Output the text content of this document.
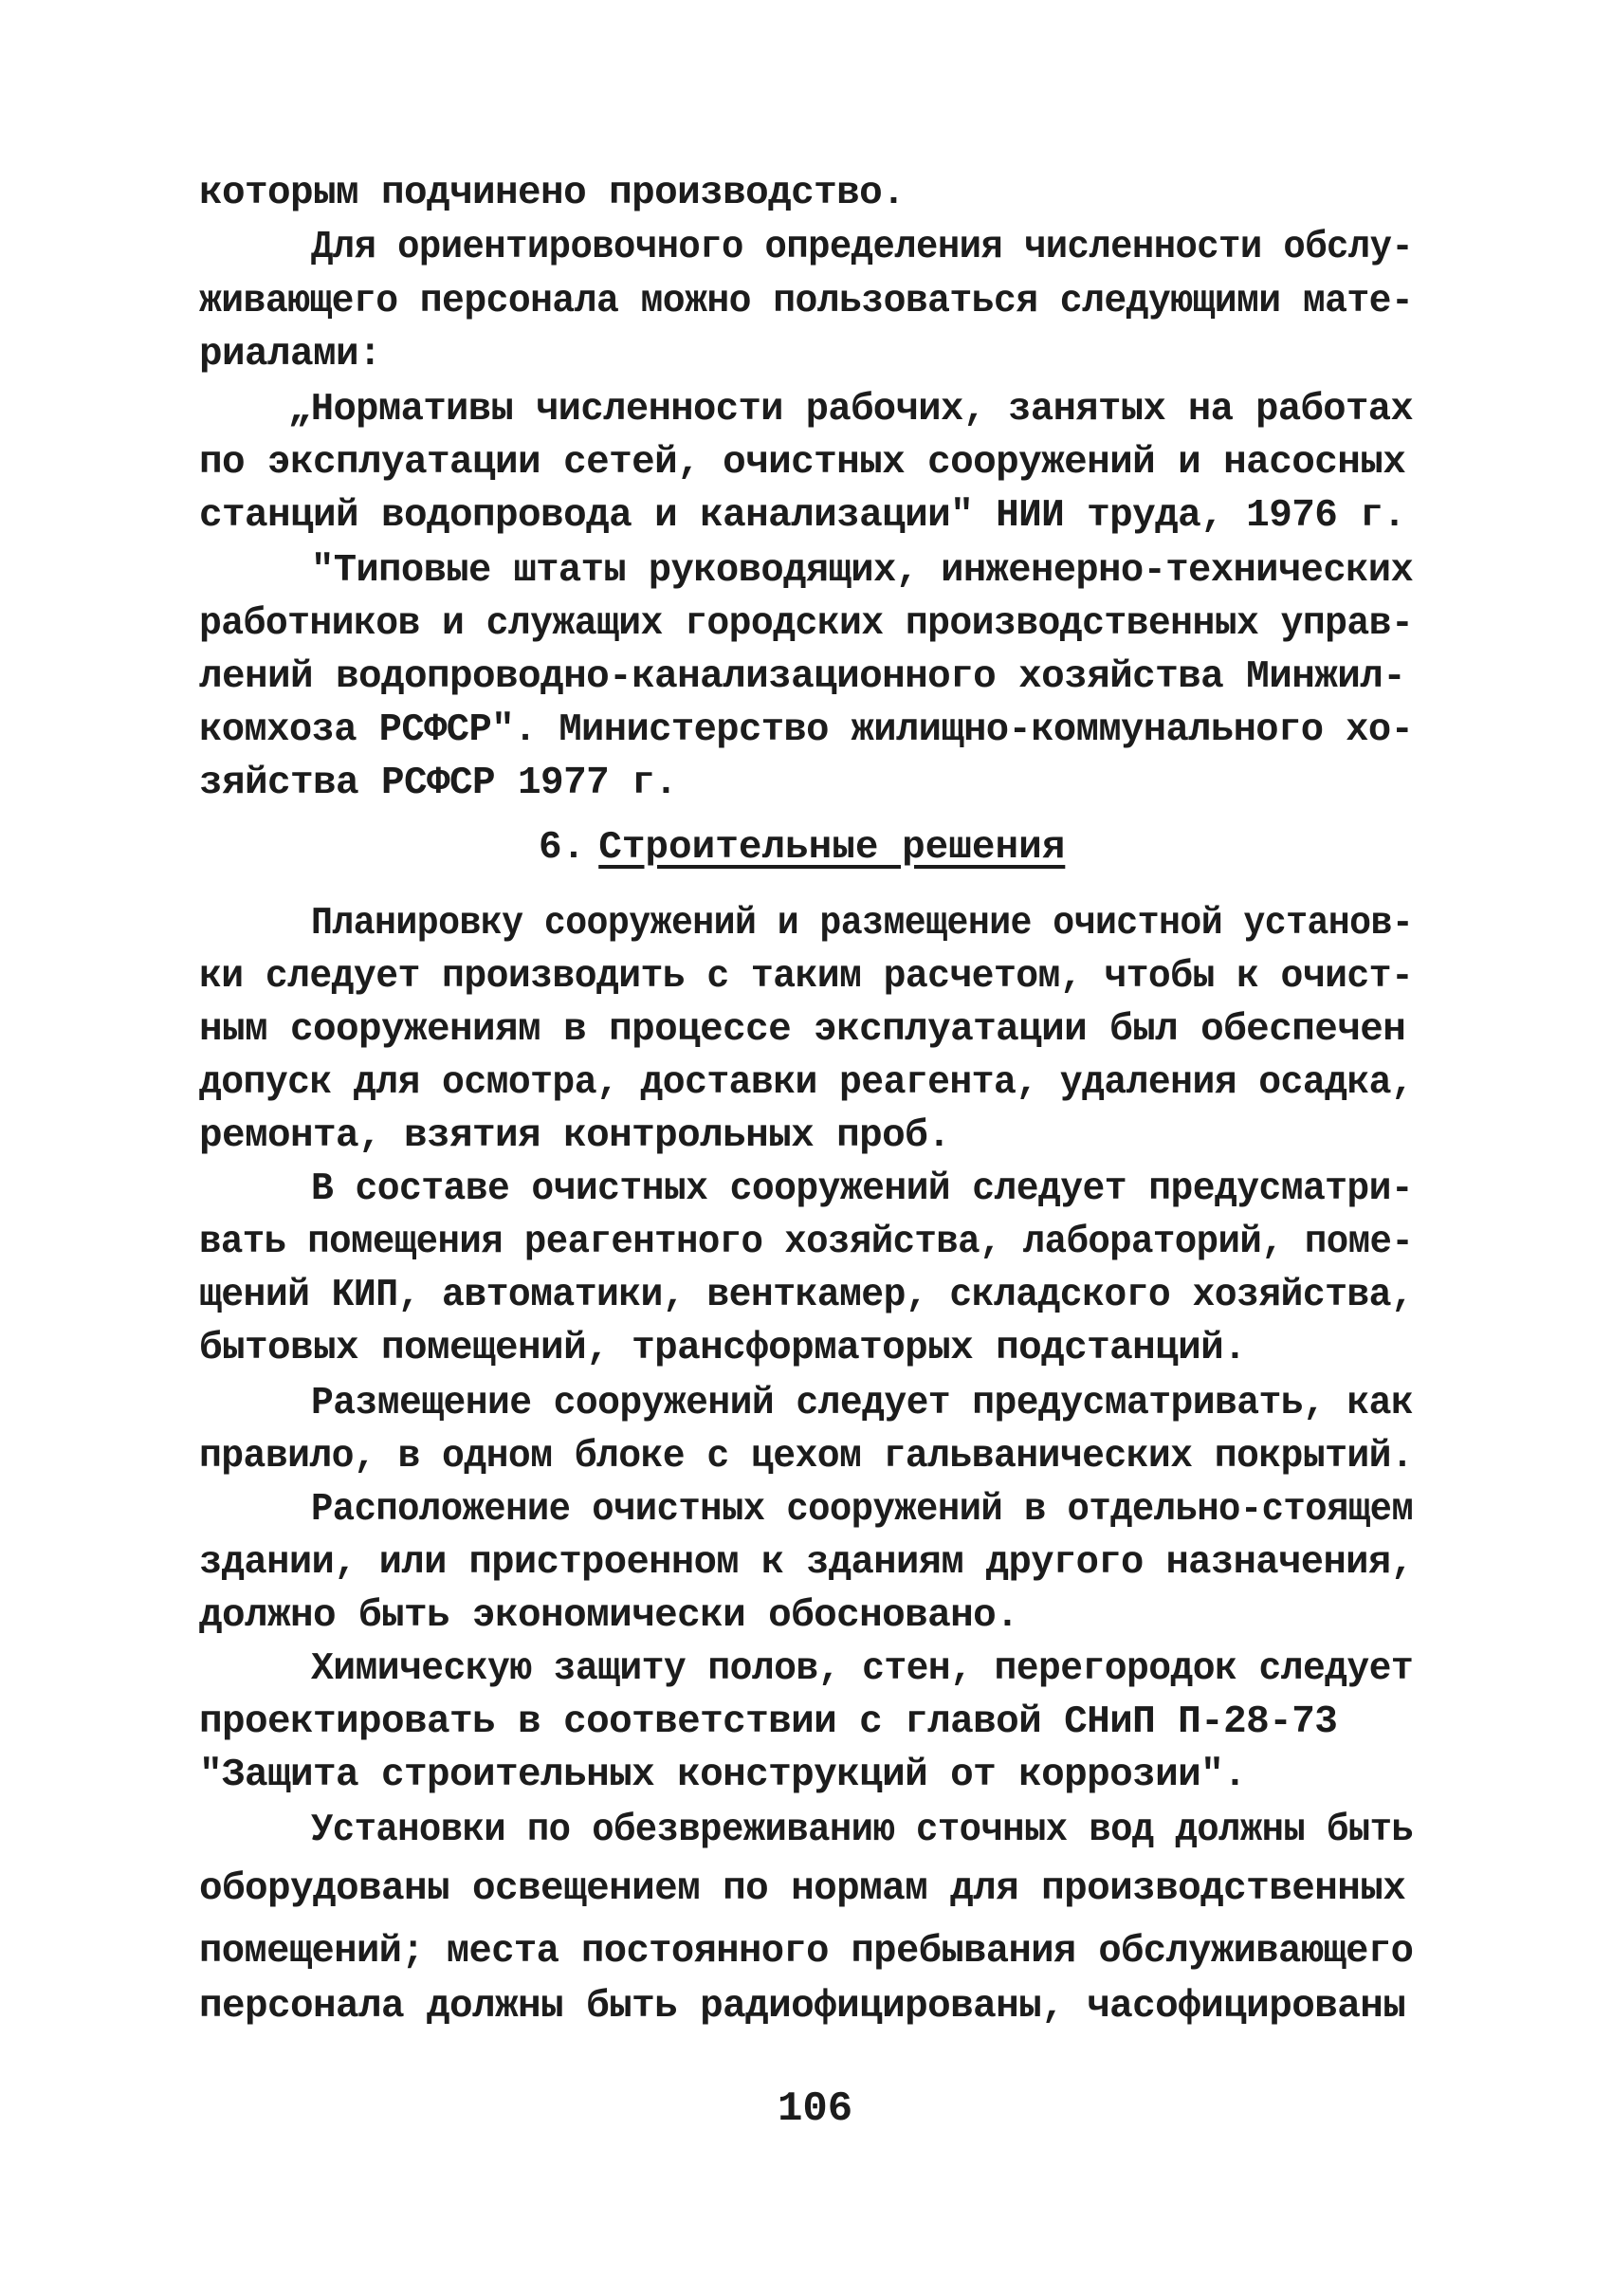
которым подчинено производство.
Для ориентировочного определения численности обслу-
живающего персонала можно пользоваться следующими мате-
риалами:
„Нормативы численности рабочих, занятых на работах
по эксплуатации сетей, очистных сооружений и насосных
станций водопровода и канализации" НИИ труда, 1976 г.
"Типовые штаты руководящих, инженерно-технических
работников и служащих городских производственных управ-
лений водопроводно-канализационного хозяйства Минжил-
комхоза РСФСР". Министерство жилищно-коммунального хо-
зяйства РСФСР 1977 г.
6. Строительные решения
Планировку сооружений и размещение очистной установ-
ки следует производить с таким расчетом, чтобы к очист-
ным сооружениям в процессе эксплуатации был обеспечен
допуск для осмотра, доставки реагента, удаления осадка,
ремонта, взятия контрольных проб.
В составе очистных сооружений следует предусматри-
вать помещения реагентного хозяйства, лабораторий, поме-
щений КИП, автоматики, венткамер, складского хозяйства,
бытовых помещений, трансформаторых подстанций.
Размещение сооружений следует предусматривать, как
правило, в одном блоке с цехом гальванических покрытий.
Расположение очистных сооружений в отдельно-стоящем
здании, или пристроенном к зданиям другого назначения,
должно быть экономически обосновано.
Химическую защиту полов, стен, перегородок следует
проектировать в соответствии с главой СНиП П-28-73
"Защита строительных конструкций от коррозии".
Установки по обезвреживанию сточных вод должны быть
оборудованы освещением по нормам для производственных
помещений; места постоянного пребывания обслуживающего
персонала должны быть радиофицированы, часофицированы
106
